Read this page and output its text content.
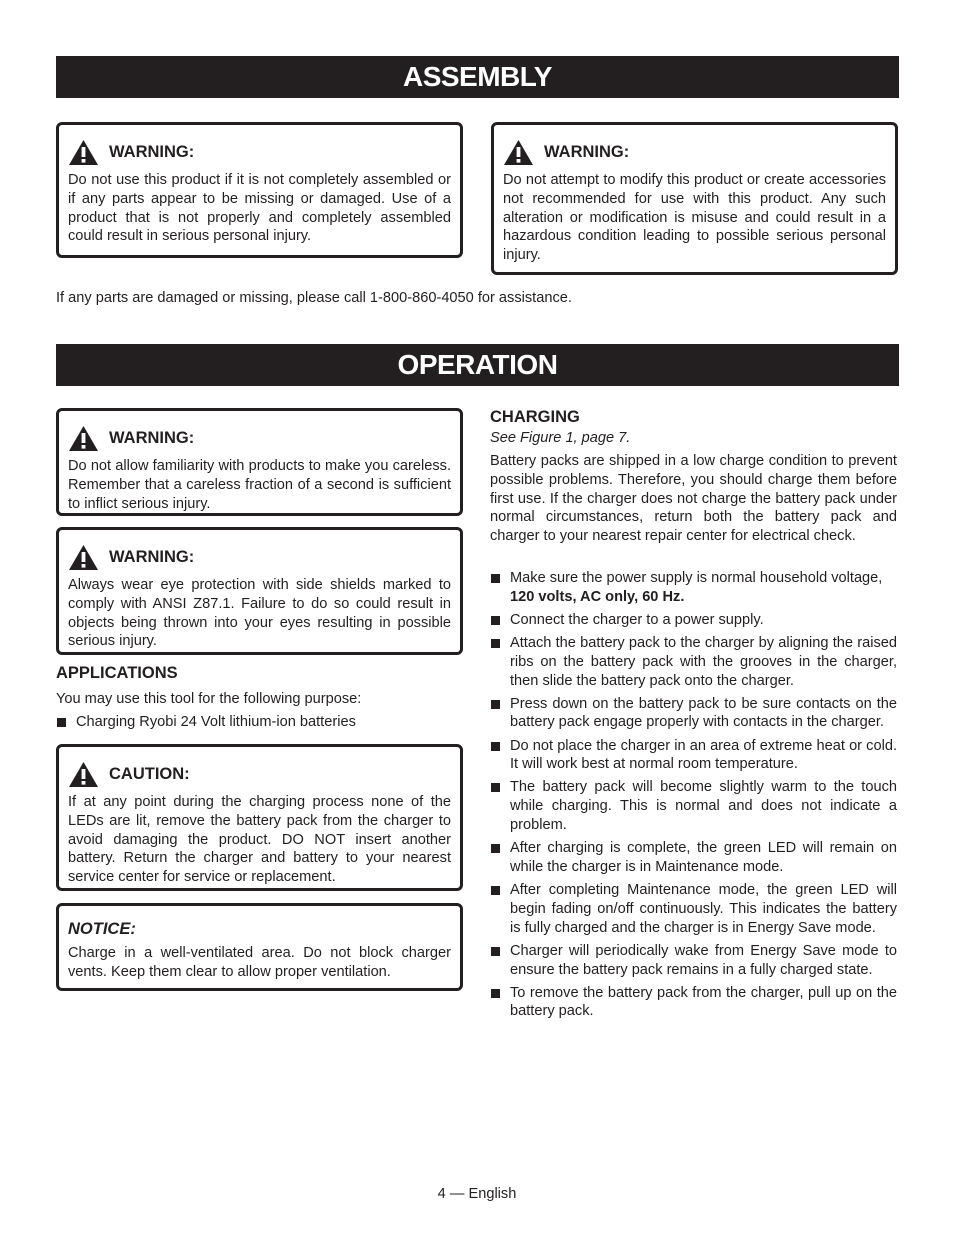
ASSEMBLY
WARNING:
Do not use this product if it is not completely assembled or if any parts appear to be missing or damaged. Use of a product that is not properly and completely assembled could result in serious personal injury.
WARNING:
Do not attempt to modify this product or create accessories not recommended for use with this product. Any such alteration or modification is misuse and could result in a hazardous condition leading to possible serious personal injury.
If any parts are damaged or missing, please call 1-800-860-4050 for assistance.
OPERATION
WARNING:
Do not allow familiarity with products to make you careless. Remember that a careless fraction of a second is sufficient to inflict serious injury.
WARNING:
Always wear eye protection with side shields marked to comply with ANSI Z87.1. Failure to do so could result in objects being thrown into your eyes resulting in possible serious injury.
APPLICATIONS
You may use this tool for the following purpose:
Charging Ryobi 24 Volt lithium-ion batteries
CAUTION:
If at any point during the charging process none of the LEDs are lit, remove the battery pack from the charger to avoid damaging the product. DO NOT insert another battery. Return the charger and battery to your nearest service center for service or replacement.
NOTICE:
Charge in a well-ventilated area. Do not block charger vents. Keep them clear to allow proper ventilation.
CHARGING
See Figure 1, page 7.
Battery packs are shipped in a low charge condition to prevent possible problems. Therefore, you should charge them before first use. If the charger does not charge the battery pack under normal circumstances, return both the battery pack and charger to your nearest repair center for electrical check.
Make sure the power supply is normal household voltage, 120 volts, AC only, 60 Hz.
Connect the charger to a power supply.
Attach the battery pack to the charger by aligning the raised ribs on the battery pack with the grooves in the charger, then slide the battery pack onto the charger.
Press down on the battery pack to be sure contacts on the battery pack engage properly with contacts in the charger.
Do not place the charger in an area of extreme heat or cold. It will work best at normal room temperature.
The battery pack will become slightly warm to the touch while charging. This is normal and does not indicate a problem.
After charging is complete, the green LED will remain on while the charger is in Maintenance mode.
After completing Maintenance mode, the green LED will begin fading on/off continuously. This indicates the battery is fully charged and the charger is in Energy Save mode.
Charger will periodically wake from Energy Save mode to ensure the battery pack remains in a fully charged state.
To remove the battery pack from the charger, pull up on the battery pack.
4 — English
